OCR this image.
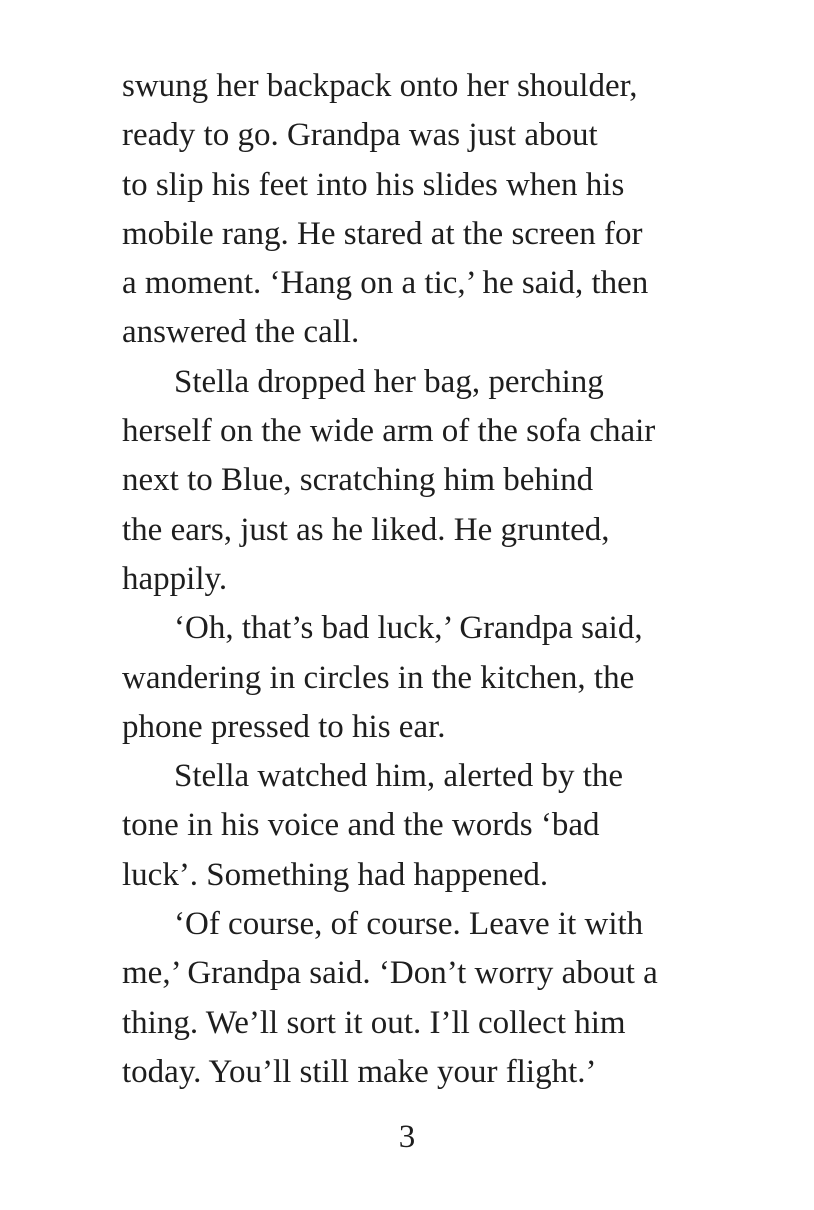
swung her backpack onto her shoulder,
ready to go. Grandpa was just about
to slip his feet into his slides when his
mobile rang. He stared at the screen for
a moment. ‘Hang on a tic,’ he said, then
answered the call.
Stella dropped her bag, perching
herself on the wide arm of the sofa chair
next to Blue, scratching him behind
the ears, just as he liked. He grunted,
happily.
‘Oh, that’s bad luck,’ Grandpa said,
wandering in circles in the kitchen, the
phone pressed to his ear.
Stella watched him, alerted by the
tone in his voice and the words ‘bad
luck’. Something had happened.
‘Of course, of course. Leave it with
me,’ Grandpa said. ‘Don’t worry about a
thing. We’ll sort it out. I’ll collect him
today. You’ll still make your flight.’
3
